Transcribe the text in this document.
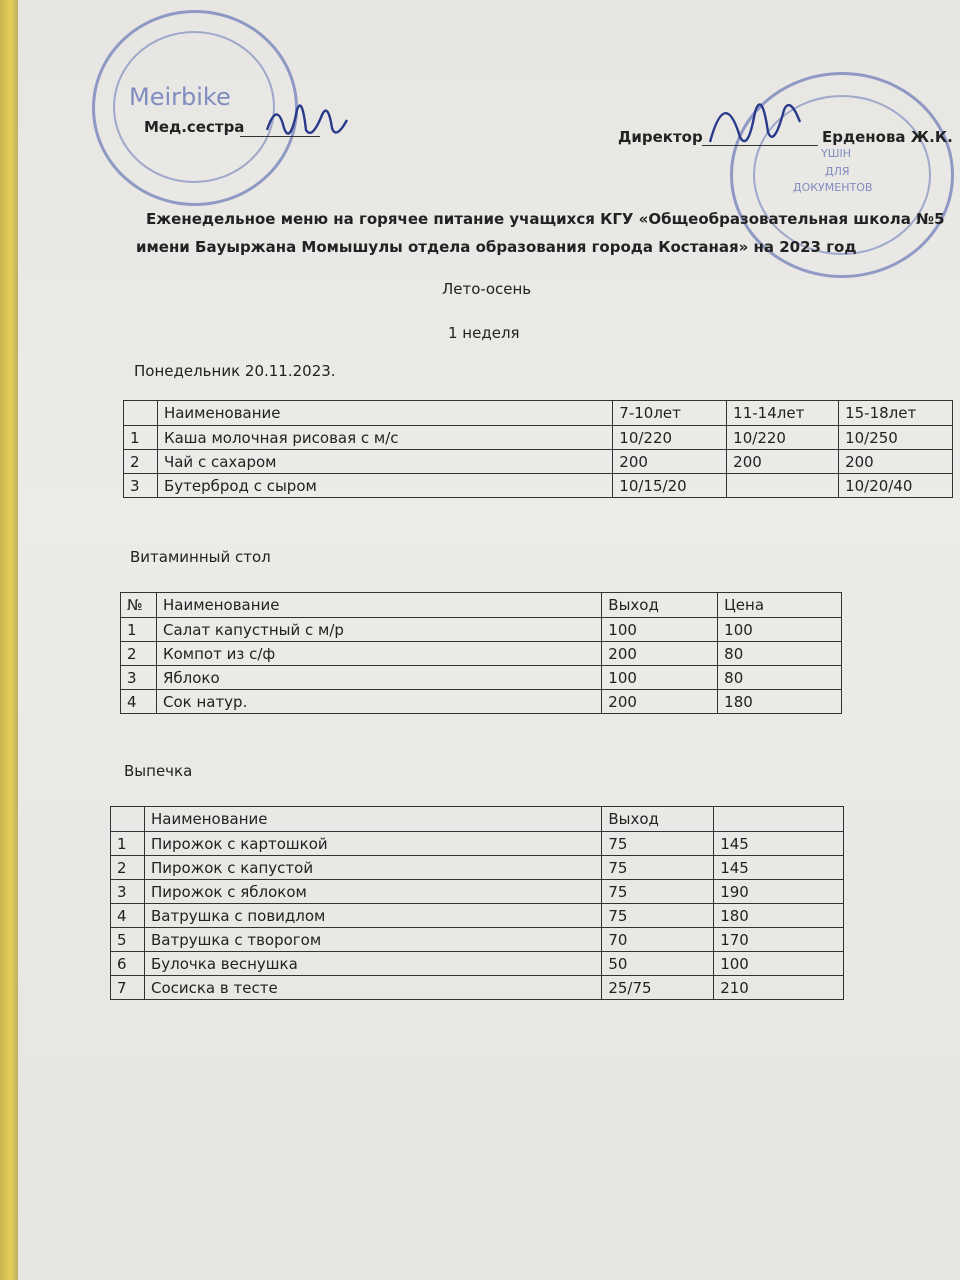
Meirbike
Мед.сестра
ҮШІН
ДЛЯ
ДОКУМЕНТОВ
Директор	Ерденова Ж.К.
Еженедельное меню на горячее питание учащихся КГУ «Общеобразовательная школа №5
имени Бауыржана Момышулы отдела образования города Костаная» на 2023 год
Лето-осень
1 неделя
Понедельник 20.11.2023.
	Наименование	7-10лет	11-14лет	15-18лет
1	Каша молочная рисовая с м/с	10/220	10/220	10/250
2	Чай с сахаром	200	200	200
3	Бутерброд с сыром	10/15/20		10/20/40
Витаминный стол
№	Наименование	Выход	Цена
1	Салат капустный с м/р	100	100
2	Компот из с/ф	200	80
3	Яблоко	100	80
4	Сок натур.	200	180
Выпечка
	Наименование	Выход	
1	Пирожок с картошкой	75	145
2	Пирожок с капустой	75	145
3	Пирожок с яблоком	75	190
4	Ватрушка с повидлом	75	180
5	Ватрушка с творогом	70	170
6	Булочка веснушка	50	100
7	Сосиска в тесте	25/75	210
